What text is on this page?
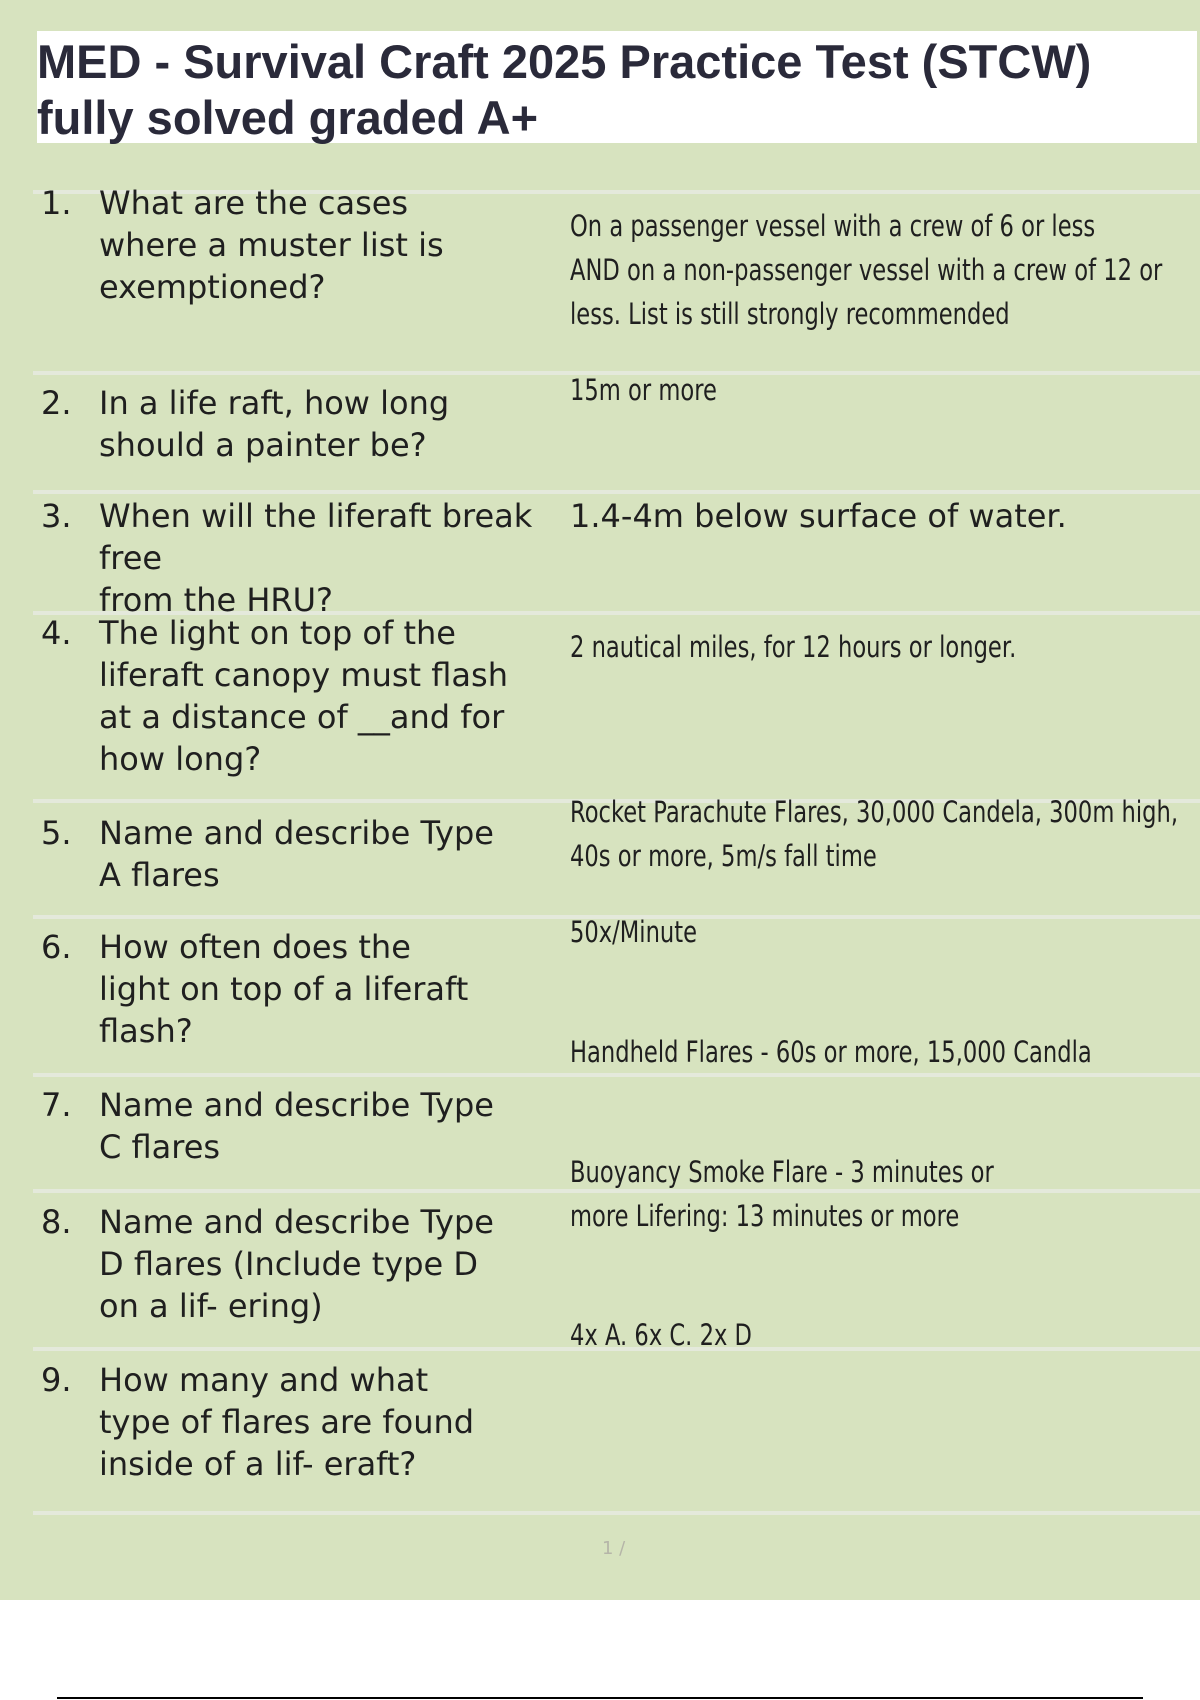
MED - Survival Craft 2025 Practice Test (STCW)
fully solved graded A+
1. What are the cases
where a muster list is
exemptioned?
On a passenger vessel with a crew of 6 or less
AND on a non-passenger vessel with a crew of 12 or
less. List is still strongly recommended
2. In a life raft, how long
should a painter be?
15m or more
3. When will the liferaft break free
from the HRU?
1.4-4m below surface of water.
4. The light on top of the
liferaft canopy must flash
at a distance of __and for
how long?
2 nautical miles, for 12 hours or longer.
5. Name and describe Type
A flares
Rocket Parachute Flares, 30,000 Candela, 300m high,
40s or more, 5m/s fall time
6. How often does the
light on top of a liferaft
flash?
50x/Minute
7. Name and describe Type
C flares
Handheld Flares - 60s or more, 15,000 Candla
8. Name and describe Type
D flares (Include type D
on a lif- ering)
Buoyancy Smoke Flare - 3 minutes or
more Lifering: 13 minutes or more
9. How many and what
type of flares are found
inside of a lif- eraft?
4x A. 6x C. 2x D
1 /
